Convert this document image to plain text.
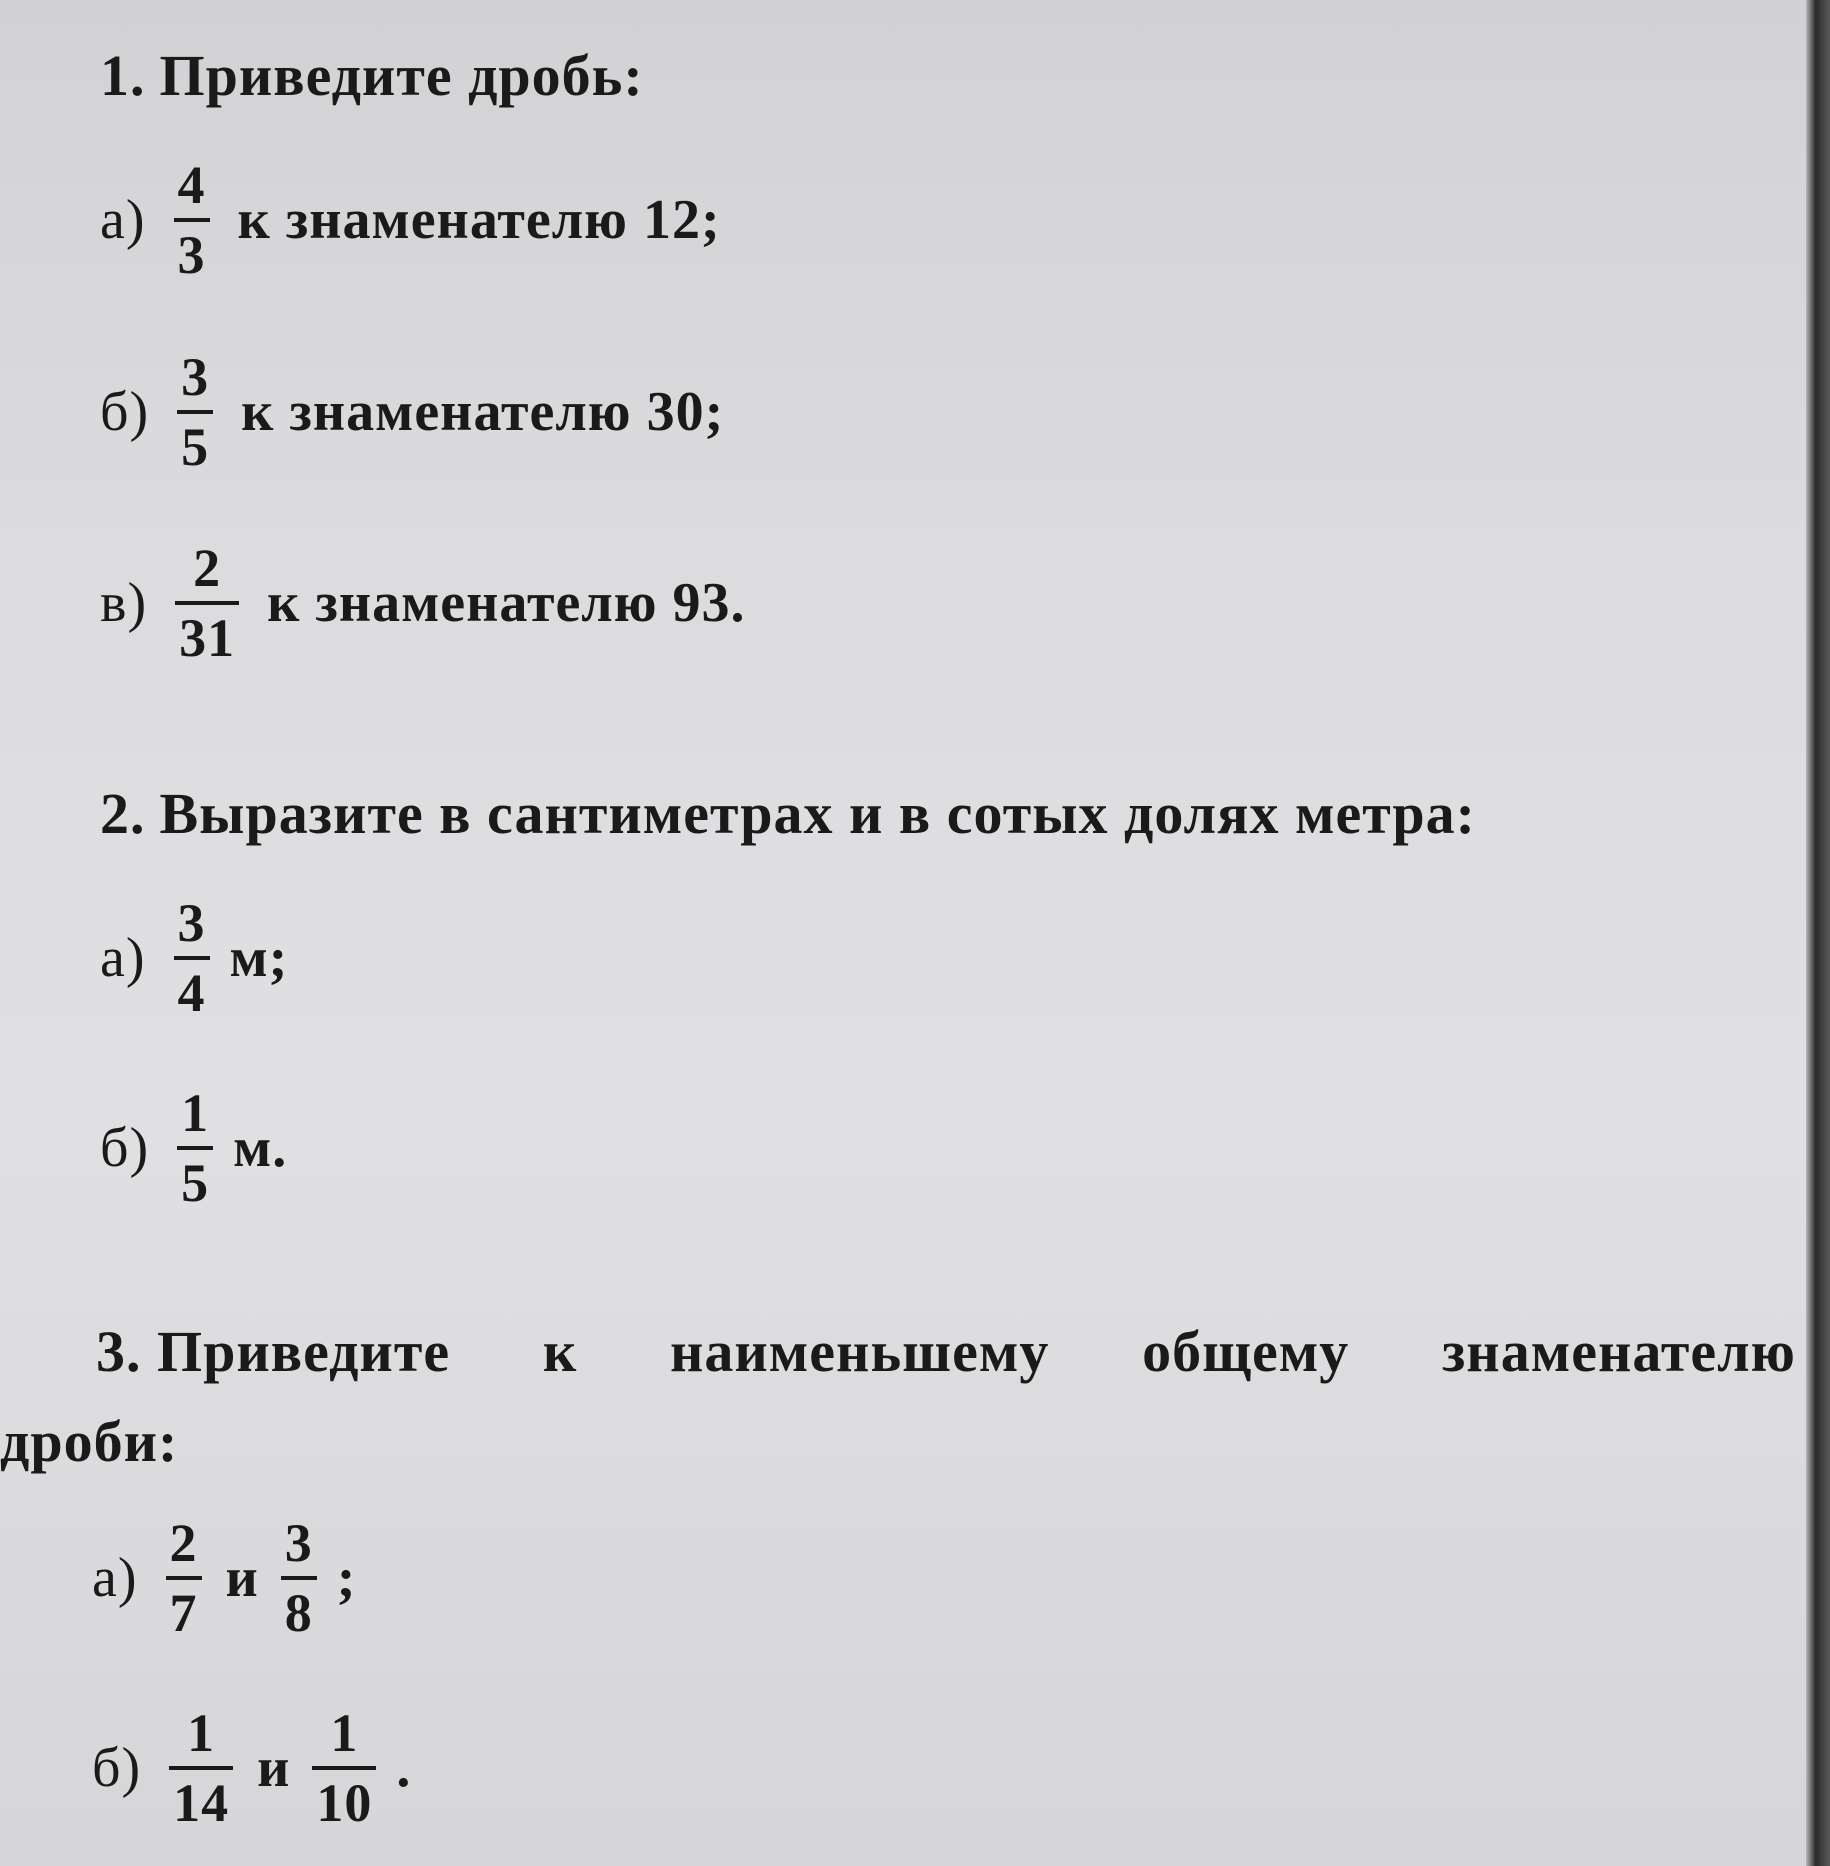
1. Приведите дробь:
$а) \frac{4}{3}$ к знаменателю 12;
$б) \frac{3}{5}$ к знаменателю 30;
$в) \frac{2}{31}$ к знаменателю 93.
2. Выразите в сантиметрах и в сотых долях метра:
$а) \frac{3}{4} м$;
$б) \frac{1}{5} м$.
3. Приведите к наименьшему общему знаменателю
дроби:
$а) \frac{2}{7}$ и $\frac{3}{8}$ ;
$б) \frac{1}{14}$ и $\frac{1}{10}$ .
